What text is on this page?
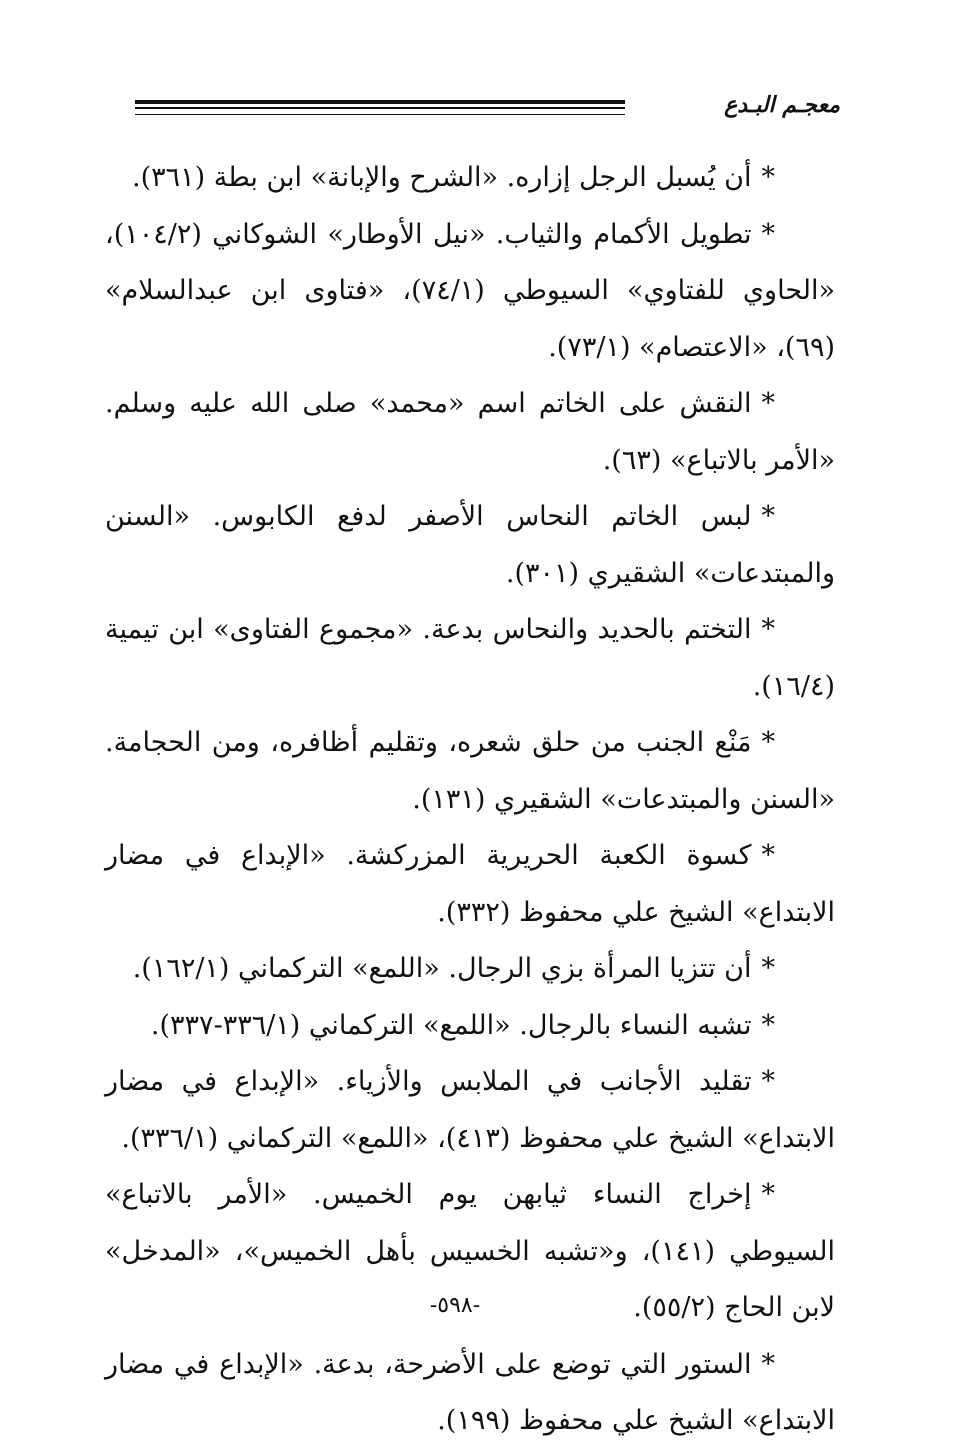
معجـم البـدع

*أن يُسبل الرجل إزاره. «الشرح والإبانة» ابن بطة (٣٦١).

*تطويل الأكمام والثياب. «نيل الأوطار» الشوكاني (١٠٤/٢)، «الحاوي للفتاوي» السيوطي (٧٤/١)، «فتاوى ابن عبدالسلام» (٦٩)، «الاعتصام» (٧٣/١).

*النقش على الخاتم اسم «محمد» صلى الله عليه وسلم. «الأمر بالاتباع» (٦٣).

*لبس الخاتم النحاس الأصفر لدفع الكابوس. «السنن والمبتدعات» الشقيري (٣٠١).

*التختم بالحديد والنحاس بدعة. «مجموع الفتاوى» ابن تيمية (١٦/٤).

*مَنْع الجنب من حلق شعره، وتقليم أظافره، ومن الحجامة. «السنن والمبتدعات» الشقيري (١٣١).

*كسوة الكعبة الحريرية المزركشة. «الإبداع في مضار الابتداع» الشيخ علي محفوظ (٣٣٢).

*أن تتزيا المرأة بزي الرجال. «اللمع» التركماني (١٦٢/١).

*تشبه النساء بالرجال. «اللمع» التركماني (٣٣٦/١-٣٣٧).

*تقليد الأجانب في الملابس والأزياء. «الإبداع في مضار الابتداع» الشيخ علي محفوظ (٤١٣)، «اللمع» التركماني (٣٣٦/١).

*إخراج النساء ثيابهن يوم الخميس. «الأمر بالاتباع» السيوطي (١٤١)، و«تشبه الخسيس بأهل الخميس»، «المدخل» لابن الحاج (٥٥/٢).

*الستور التي توضع على الأضرحة، بدعة. «الإبداع في مضار الابتداع» الشيخ علي محفوظ (١٩٩).

-٥٩٨-
